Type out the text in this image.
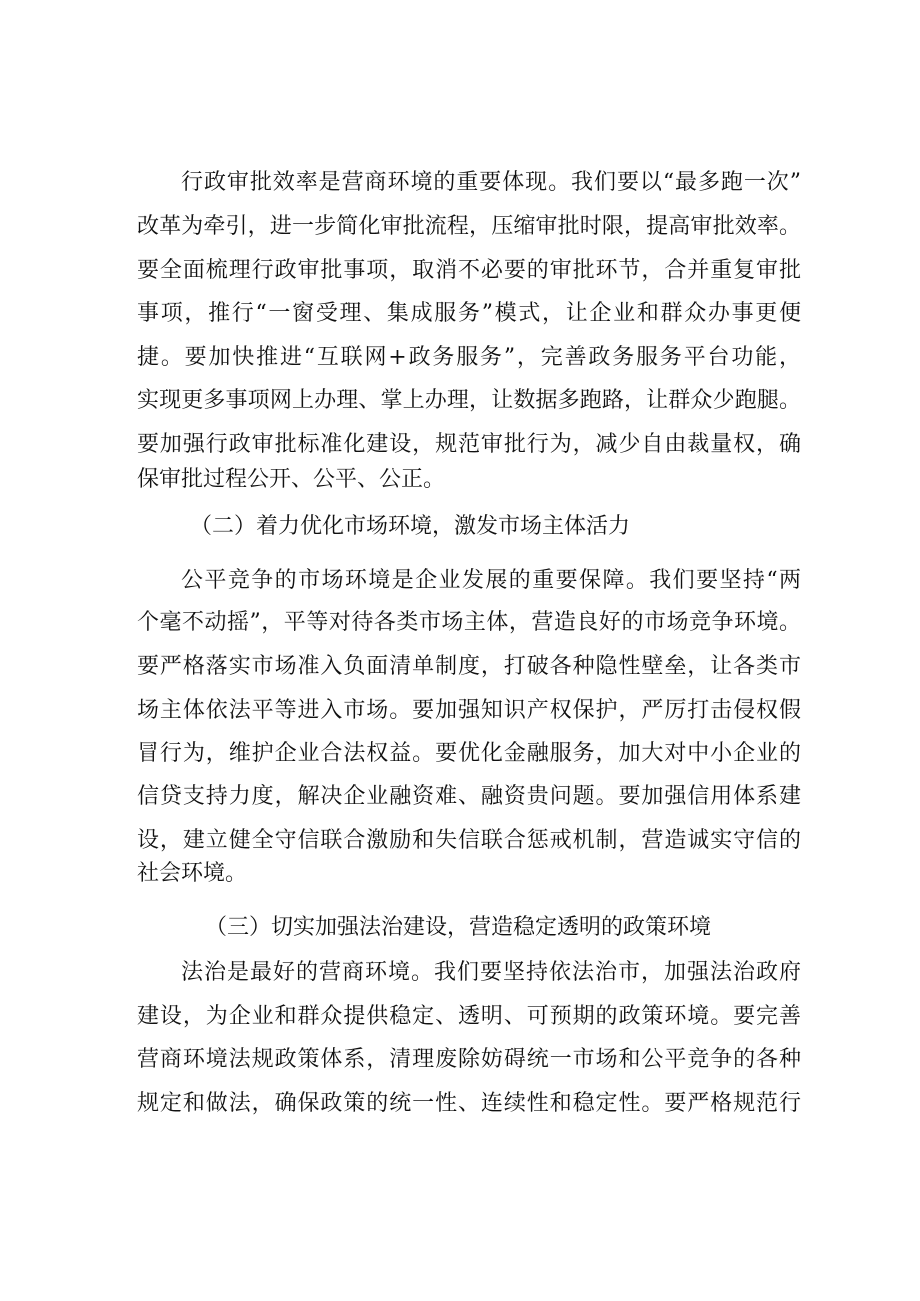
行政审批效率是营商环境的重要体现。我们要以“最多跑一次”
改革为牵引，进一步简化审批流程，压缩审批时限，提高审批效率。
要全面梳理行政审批事项，取消不必要的审批环节，合并重复审批
事项，推行“一窗受理、集成服务”模式，让企业和群众办事更便
捷。要加快推进“互联网+政务服务”，完善政务服务平台功能，
实现更多事项网上办理、掌上办理，让数据多跑路，让群众少跑腿。
要加强行政审批标准化建设，规范审批行为，减少自由裁量权，确
保审批过程公开、公平、公正。
（二）着力优化市场环境，激发市场主体活力
公平竞争的市场环境是企业发展的重要保障。我们要坚持“两
个毫不动摇”，平等对待各类市场主体，营造良好的市场竞争环境。
要严格落实市场准入负面清单制度，打破各种隐性壁垒，让各类市
场主体依法平等进入市场。要加强知识产权保护，严厉打击侵权假
冒行为，维护企业合法权益。要优化金融服务，加大对中小企业的
信贷支持力度，解决企业融资难、融资贵问题。要加强信用体系建
设，建立健全守信联合激励和失信联合惩戒机制，营造诚实守信的
社会环境。
（三）切实加强法治建设，营造稳定透明的政策环境
法治是最好的营商环境。我们要坚持依法治市，加强法治政府
建设，为企业和群众提供稳定、透明、可预期的政策环境。要完善
营商环境法规政策体系，清理废除妨碍统一市场和公平竞争的各种
规定和做法，确保政策的统一性、连续性和稳定性。要严格规范行
